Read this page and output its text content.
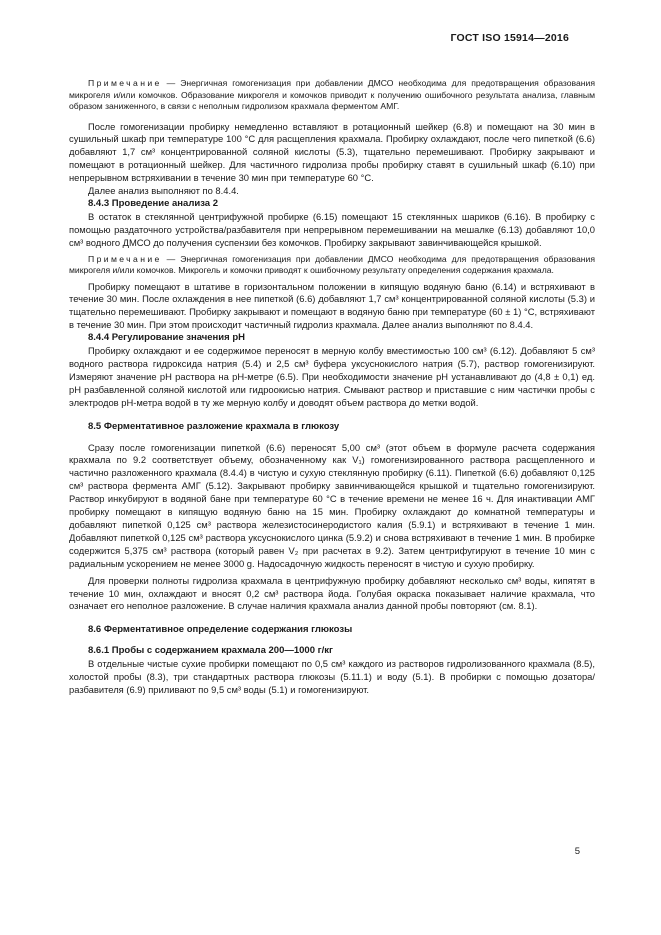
ГОСТ ISO 15914—2016

Примечание — Энергичная гомогенизация при добавлении ДМСО необходима для предотвращения образования микрогеля и/или комочков. Образование микрогеля и комочков приводит к получению ошибочного результата анализа, главным образом заниженного, в связи с неполным гидролизом крахмала ферментом АМГ.

После гомогенизации пробирку немедленно вставляют в ротационный шейкер (6.8) и помещают на 30 мин в сушильный шкаф при температуре 100 °С для расщепления крахмала. Пробирку охлаждают, после чего пипеткой (6.6) добавляют 1,7 см³ концентрированной соляной кислоты (5.3), тщательно перемешивают. Пробирку закрывают и помещают в ротационный шейкер. Для частичного гидролиза пробы пробирку ставят в сушильный шкаф (6.10) при непрерывном встряхивании в течение 30 мин при температуре 60 °С.

Далее анализ выполняют по 8.4.4.

8.4.3 Проведение анализа 2

В остаток в стеклянной центрифужной пробирке (6.15) помещают 15 стеклянных шариков (6.16). В пробирку с помощью раздаточного устройства/разбавителя при непрерывном перемешивании на мешалке (6.13) добавляют 10,0 см³ водного ДМСО до получения суспензии без комочков. Пробирку закрывают завинчивающейся крышкой.

Примечание — Энергичная гомогенизация при добавлении ДМСО необходима для предотвращения образования микрогеля и/или комочков. Микрогель и комочки приводят к ошибочному результату определения содержания крахмала.

Пробирку помещают в штативе в горизонтальном положении в кипящую водяную баню (6.14) и встряхивают в течение 30 мин. После охлаждения в нее пипеткой (6.6) добавляют 1,7 см³ концентрированной соляной кислоты (5.3) и тщательно перемешивают. Пробирку закрывают и помещают в водяную баню при температуре (60 ± 1) °С, встряхивают в течение 30 мин. При этом происходит частичный гидролиз крахмала. Далее анализ выполняют по 8.4.4.

8.4.4 Регулирование значения рН

Пробирку охлаждают и ее содержимое переносят в мерную колбу вместимостью 100 см³ (6.12). Добавляют 5 см³ водного раствора гидроксида натрия (5.4) и 2,5 см³ буфера уксуснокислого натрия (5.7), раствор гомогенизируют. Измеряют значение рН раствора на рН-метре (6.5). При необходимости значение рН устанавливают до (4,8 ± 0,1) ед. рН разбавленной соляной кислотой или гидроокисью натрия. Смывают раствор и приставшие с ним частички пробы с электродов рН-метра водой в ту же мерную колбу и доводят объем раствора до метки водой.

8.5 Ферментативное разложение крахмала в глюкозу

Сразу после гомогенизации пипеткой (6.6) переносят 5,00 см³ (этот объем в формуле расчета содержания крахмала по 9.2 соответствует объему, обозначенному как V₁) гомогенизированного раствора расщепленного и частично разложенного крахмала (8.4.4) в чистую и сухую стеклянную пробирку (6.11). Пипеткой (6.6) добавляют 0,125 см³ раствора фермента АМГ (5.12). Закрывают пробирку завинчивающейся крышкой и тщательно гомогенизируют. Раствор инкубируют в водяной бане при температуре 60 °С в течение времени не менее 16 ч. Для инактивации АМГ пробирку помещают в кипящую водяную баню на 15 мин. Пробирку охлаждают до комнатной температуры и добавляют пипеткой 0,125 см³ раствора железистосинеродистого калия (5.9.1) и встряхивают в течение 1 мин. Добавляют пипеткой 0,125 см³ раствора уксуснокислого цинка (5.9.2) и снова встряхивают в течение 1 мин. В пробирке содержится 5,375 см³ раствора (который равен V₂ при расчетах в 9.2). Затем центрифугируют в течение 10 мин с радиальным ускорением не менее 3000 g. Надосадочную жидкость переносят в чистую и сухую пробирку.

Для проверки полноты гидролиза крахмала в центрифужную пробирку добавляют несколько см³ воды, кипятят в течение 10 мин, охлаждают и вносят 0,2 см³ раствора йода. Голубая окраска показывает наличие крахмала, что означает его неполное разложение. В случае наличия крахмала анализ данной пробы повторяют (см. 8.1).

8.6 Ферментативное определение содержания глюкозы
8.6.1 Пробы с содержанием крахмала 200—1000 г/кг

В отдельные чистые сухие пробирки помещают по 0,5 см³ каждого из растворов гидролизованного крахмала (8.5), холостой пробы (8.3), три стандартных раствора глюкозы (5.11.1) и воду (5.1). В пробирки с помощью дозатора/разбавителя (6.9) приливают по 9,5 см³ воды (5.1) и гомогенизируют.

5
